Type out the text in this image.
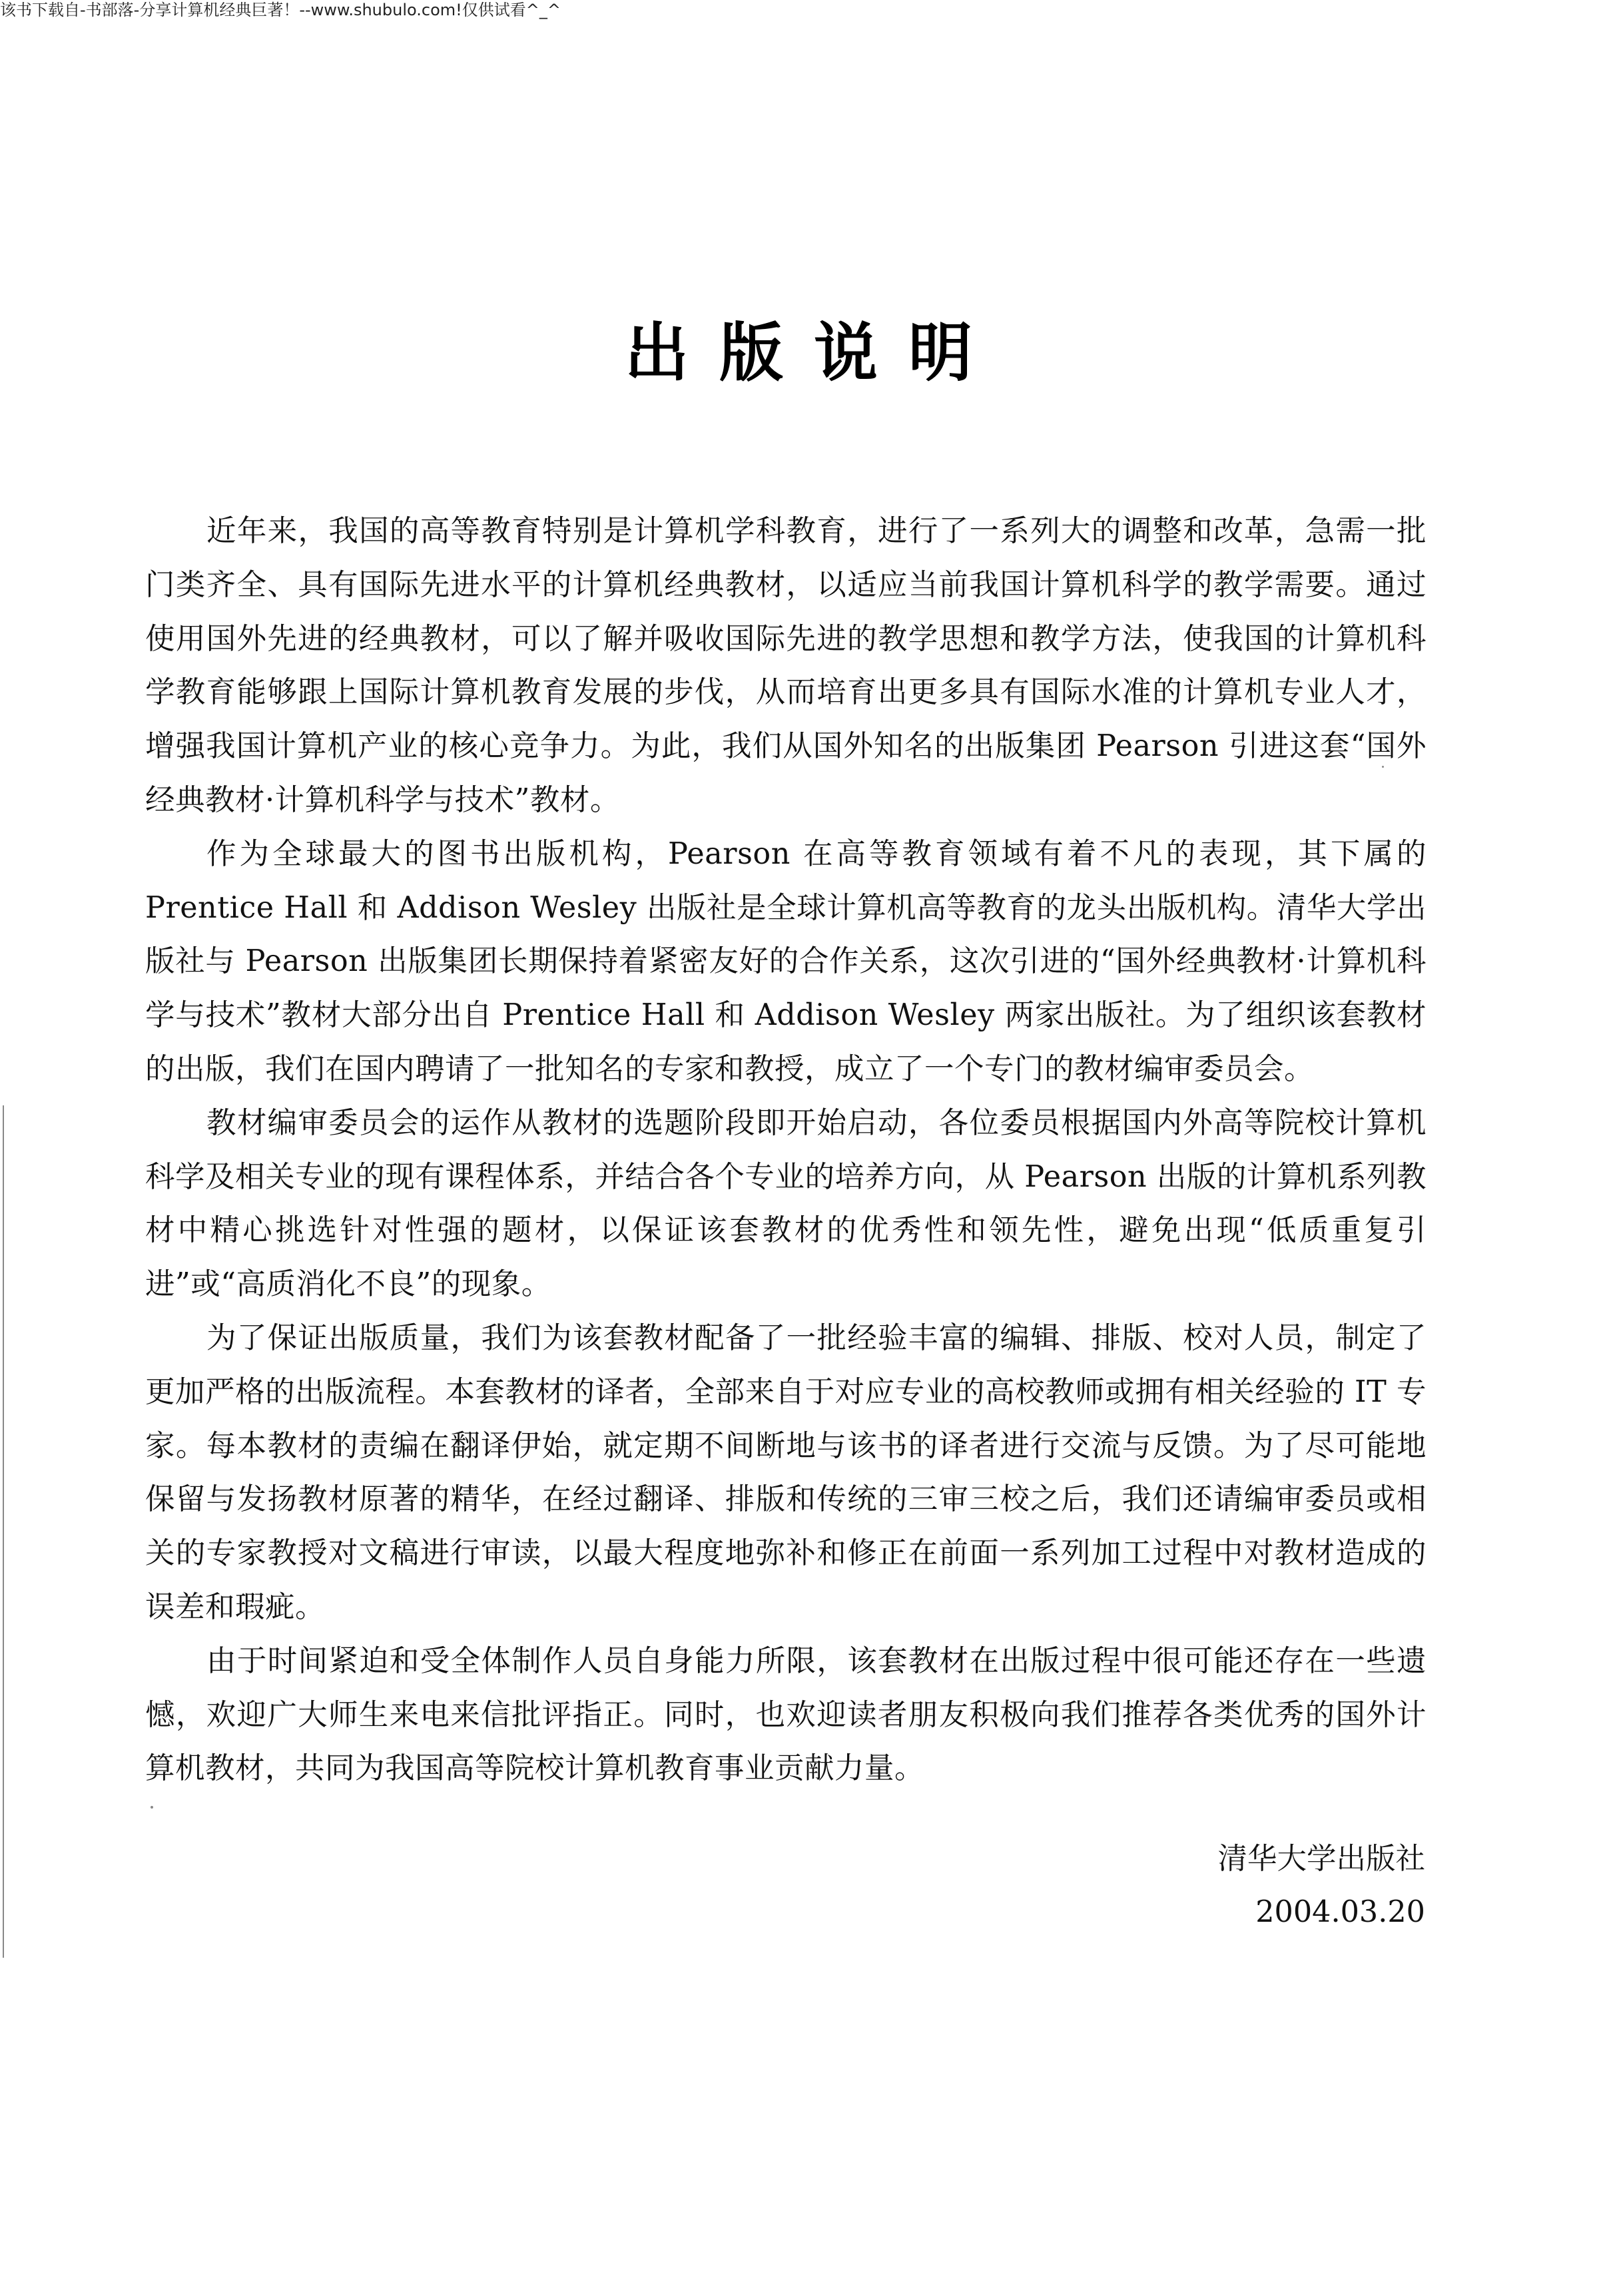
该书下载自-书部落-分享计算机经典巨著！--www.shubulo.com!仅供试看^_^
出版说明

近年来，我国的高等教育特别是计算机学科教育，进行了一系列大的调整和改革，急需一批门类齐全、具有国际先进水平的计算机经典教材，以适应当前我国计算机科学的教学需要。通过使用国外先进的经典教材，可以了解并吸收国际先进的教学思想和教学方法，使我国的计算机科学教育能够跟上国际计算机教育发展的步伐，从而培育出更多具有国际水准的计算机专业人才，增强我国计算机产业的核心竞争力。为此，我们从国外知名的出版集团 Pearson 引进这套“国外经典教材·计算机科学与技术”教材。

作为全球最大的图书出版机构，Pearson 在高等教育领域有着不凡的表现，其下属的 Prentice Hall 和 Addison Wesley 出版社是全球计算机高等教育的龙头出版机构。清华大学出版社与 Pearson 出版集团长期保持着紧密友好的合作关系，这次引进的“国外经典教材·计算机科学与技术”教材大部分出自 Prentice Hall 和 Addison Wesley 两家出版社。为了组织该套教材的出版，我们在国内聘请了一批知名的专家和教授，成立了一个专门的教材编审委员会。

教材编审委员会的运作从教材的选题阶段即开始启动，各位委员根据国内外高等院校计算机科学及相关专业的现有课程体系，并结合各个专业的培养方向，从 Pearson 出版的计算机系列教材中精心挑选针对性强的题材，以保证该套教材的优秀性和领先性，避免出现“低质重复引进”或“高质消化不良”的现象。

为了保证出版质量，我们为该套教材配备了一批经验丰富的编辑、排版、校对人员，制定了更加严格的出版流程。本套教材的译者，全部来自于对应专业的高校教师或拥有相关经验的 IT 专家。每本教材的责编在翻译伊始，就定期不间断地与该书的译者进行交流与反馈。为了尽可能地保留与发扬教材原著的精华，在经过翻译、排版和传统的三审三校之后，我们还请编审委员或相关的专家教授对文稿进行审读，以最大程度地弥补和修正在前面一系列加工过程中对教材造成的误差和瑕疵。

由于时间紧迫和受全体制作人员自身能力所限，该套教材在出版过程中很可能还存在一些遗憾，欢迎广大师生来电来信批评指正。同时，也欢迎读者朋友积极向我们推荐各类优秀的国外计算机教材，共同为我国高等院校计算机教育事业贡献力量。

清华大学出版社
2004.03.20
